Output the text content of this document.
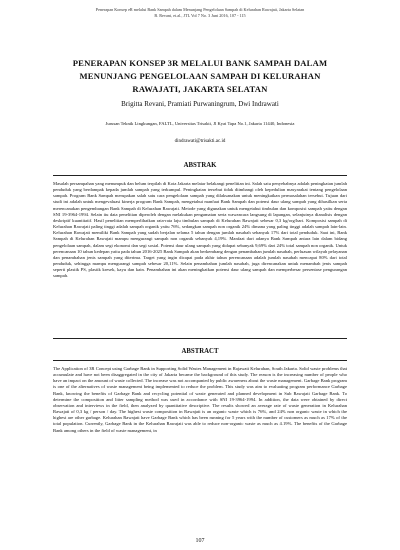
Penerapan Konsep eR melalui Bank Sampah dalam Menunjang Pengelolaan Sampah di Kelurahan Rawajati, Jakarta Selatan
B. Revani, et.al., JTL Vol 7 No. 3 Juni 2016, 107 - 115
PENERAPAN KONSEP 3R MELALUI BANK SAMPAH DALAM
MENUNJANG PENGELOLAAN SAMPAH DI KELURAHAN
RAWAJATI, JAKARTA SELATAN
Brigitta Revani, Pramiati Purwaningrum, Dwi Indrawati
Jurusan Teknik Lingkungan, FALTL, Universitas Trisakti, Jl Kyai Tapa No.1, Jakarta 11440, Indonesia
dindrawati@trisakti.ac.id
ABSTRAK

Masalah persampahan yang menumpuk dan belum terpilah di Kota Jakarta melatar belakangi penelitian ini. Salah satu penyebabnya adalah peningkatan jumlah penduduk yang berdampak kepada jumlah sampah yang terkumpul. Peningkatan tersebut tidak diimbangi oleh kepedulian masyarakat tentang pengelolaan sampah. Program Bank Sampah merupakan salah satu cara pengelolaan sampah yang dilaksanakan untuk meningkatkan permasalahan tersebut. Tujuan dari studi ini adalah untuk mengevaluasi kinerja program Bank Sampah, mengetahui manfaat Bank Sampah dan potensi daur ulang sampah yang dihasilkan serta merencanakan pengembangan Bank Sampah di Kelurahan Rawajati. Metode yang digunakan untuk mengetahui timbulan dan komposisi sampah yaitu dengan SNI 19-3964-1994. Selain itu data penelitian diperoleh dengan melakukan pengamatan serta wawancara langsung di lapangan, selanjutnya dianalisis dengan deskriptif kuantitatif. Hasil penelitian memperlihatkan rata-rata laju timbulan sampah di Kelurahan Rawajati sebesar 0,3 kg/org/hari. Komposisi sampah di Kelurahan Rawajati paling tinggi adalah sampah organik yaitu 76%, sedangkan sampah non organik 24% dimana yang paling tinggi adalah sampah lain-lain. Kelurahan Rawajati memiliki Bank Sampah yang sudah berjalan selama 5 tahun dengan jumlah nasabah sebanyak 17% dari total penduduk. Saat ini, Bank Sampah di Kelurahan Rawajati mampu mengurangi sampah non organik sebanyak 4,19%. Manfaat dari adanya Bank Sampah antara lain dalam bidang pengelolaan sampah, dalam segi ekonomi dan segi sosial. Potensi daur ulang sampah yang didapat sebanyak 9,69% dari 24% total sampah non organik. Untuk perencanaan 10 tahun kedepan yaitu pada tahun 2016-2025 Bank Sampah akan berkembang dengan penambahan jumlah nasabah, perluasan wilayah pelayanan dan penambahan jenis sampah yang diterima. Target yang ingin dicapai pada akhir tahun perencanaan adalah jumlah nasabah mencapai 80% dari total penduduk, sehingga mampu mengurangi sampah sebesar 20,11%. Selain penambahan jumlah nasabah, juga direncanakan untuk menambah jenis sampah seperti plastik PS, plastik kresek, kayu dan kain. Penambahan ini akan meningkatkan potensi daur ulang sampah dan memperbesar persentase pengurangan sampah.

ABSTRACT

The Application of 3R Concept using Garbage Bank in Supporting Solid Wastes Management in Rajawati Kelurahan, South Jakarta. Solid waste problems that accumulate and have not been disaggregated in the city of Jakarta became the background of this study. The reason is the increasing number of people who have an impact on the amount of waste collected. The increase was not accompanied by public awareness about the waste management. Garbage Bank program is one of the alternatives of waste management being implemented to reduce the problem. This study was aim to evaluating program performance Garbage Bank, knowing the benefits of Garbage Bank and recycling potential of waste generated and planned development in Sub Rawajati Garbage Bank. To determine the composition and litter sampling method was used in accordance with SNI 19-3964-1994. In addition, the data were obtained by direct observation and interviews in the field, then analyzed by quantitative descriptive. The results showed an average rate of waste generation in Kelurahan Rawajati of 0,3 kg / person / day. The highest waste composition in Rawajati is an organic waste which is 76%, and 24% non organic waste in which the highest are other garbage. Kelurahan Rawajati have Garbage Bank which has been running for 5 years with the number of customers as much as 17% of the total population. Currently, Garbage Bank in the Kelurahan Rawajati was able to reduce non-organic waste as much as 4.19%. The benefits of the Garbage Bank among others in the field of waste management, in

107
